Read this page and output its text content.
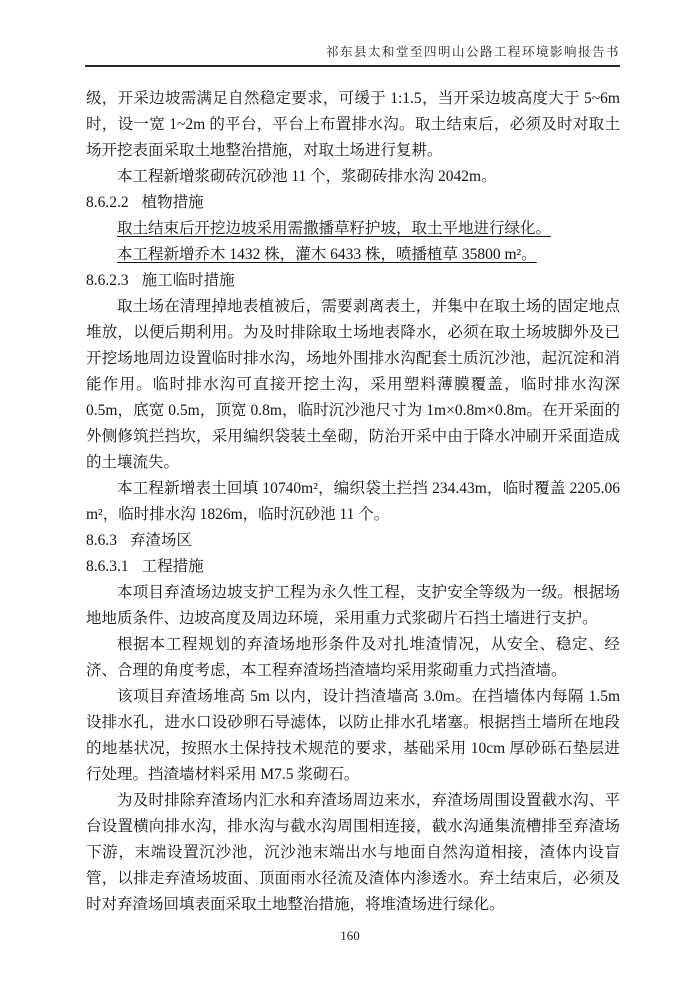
祁东县太和堂至四明山公路工程环境影响报告书

级，开采边坡需满足自然稳定要求，可缓于 1:1.5，当开采边坡高度大于 5~6m 时，设一宽 1~2m 的平台，平台上布置排水沟。取土结束后，必须及时对取土场开挖表面采取土地整治措施，对取土场进行复耕。

本工程新增浆砌砖沉砂池 11 个，浆砌砖排水沟 2042m。

8.6.2.2 植物措施

取土结束后开挖边坡采用需撒播草籽护坡，取土平地进行绿化。

本工程新增乔木 1432 株，灌木 6433 株，喷播植草 35800 m²。

8.6.2.3 施工临时措施

取土场在清理掉地表植被后，需要剥离表土，并集中在取土场的固定地点堆放，以便后期利用。为及时排除取土场地表降水，必须在取土场坡脚外及已开挖场地周边设置临时排水沟，场地外围排水沟配套土质沉沙池，起沉淀和消能作用。临时排水沟可直接开挖土沟，采用塑料薄膜覆盖，临时排水沟深 0.5m，底宽 0.5m，顶宽 0.8m，临时沉沙池尺寸为 1m×0.8m×0.8m。在开采面的外侧修筑拦挡坎，采用编织袋装土垒砌，防治开采中由于降水冲刷开采面造成的土壤流失。

本工程新增表土回填 10740m²，编织袋土拦挡 234.43m，临时覆盖 2205.06 m²，临时排水沟 1826m，临时沉砂池 11 个。

8.6.3 弃渣场区
8.6.3.1 工程措施

本项目弃渣场边坡支护工程为永久性工程，支护安全等级为一级。根据场地地质条件、边坡高度及周边环境，采用重力式浆砌片石挡土墙进行支护。

根据本工程规划的弃渣场地形条件及对扎堆渣情况，从安全、稳定、经济、合理的角度考虑，本工程弃渣场挡渣墙均采用浆砌重力式挡渣墙。

该项目弃渣场堆高 5m 以内，设计挡渣墙高 3.0m。在挡墙体内每隔 1.5m 设排水孔，进水口设砂卵石导滤体，以防止排水孔堵塞。根据挡土墙所在地段的地基状况，按照水土保持技术规范的要求，基础采用 10cm 厚砂砾石垫层进行处理。挡渣墙材料采用 M7.5 浆砌石。

为及时排除弃渣场内汇水和弃渣场周边来水，弃渣场周围设置截水沟、平台设置横向排水沟，排水沟与截水沟周围相连接，截水沟通集流槽排至弃渣场下游，末端设置沉沙池，沉沙池末端出水与地面自然沟道相接，渣体内设盲管，以排走弃渣场坡面、顶面雨水径流及渣体内渗透水。弃土结束后，必须及时对弃渣场回填表面采取土地整治措施，将堆渣场进行绿化。

160
